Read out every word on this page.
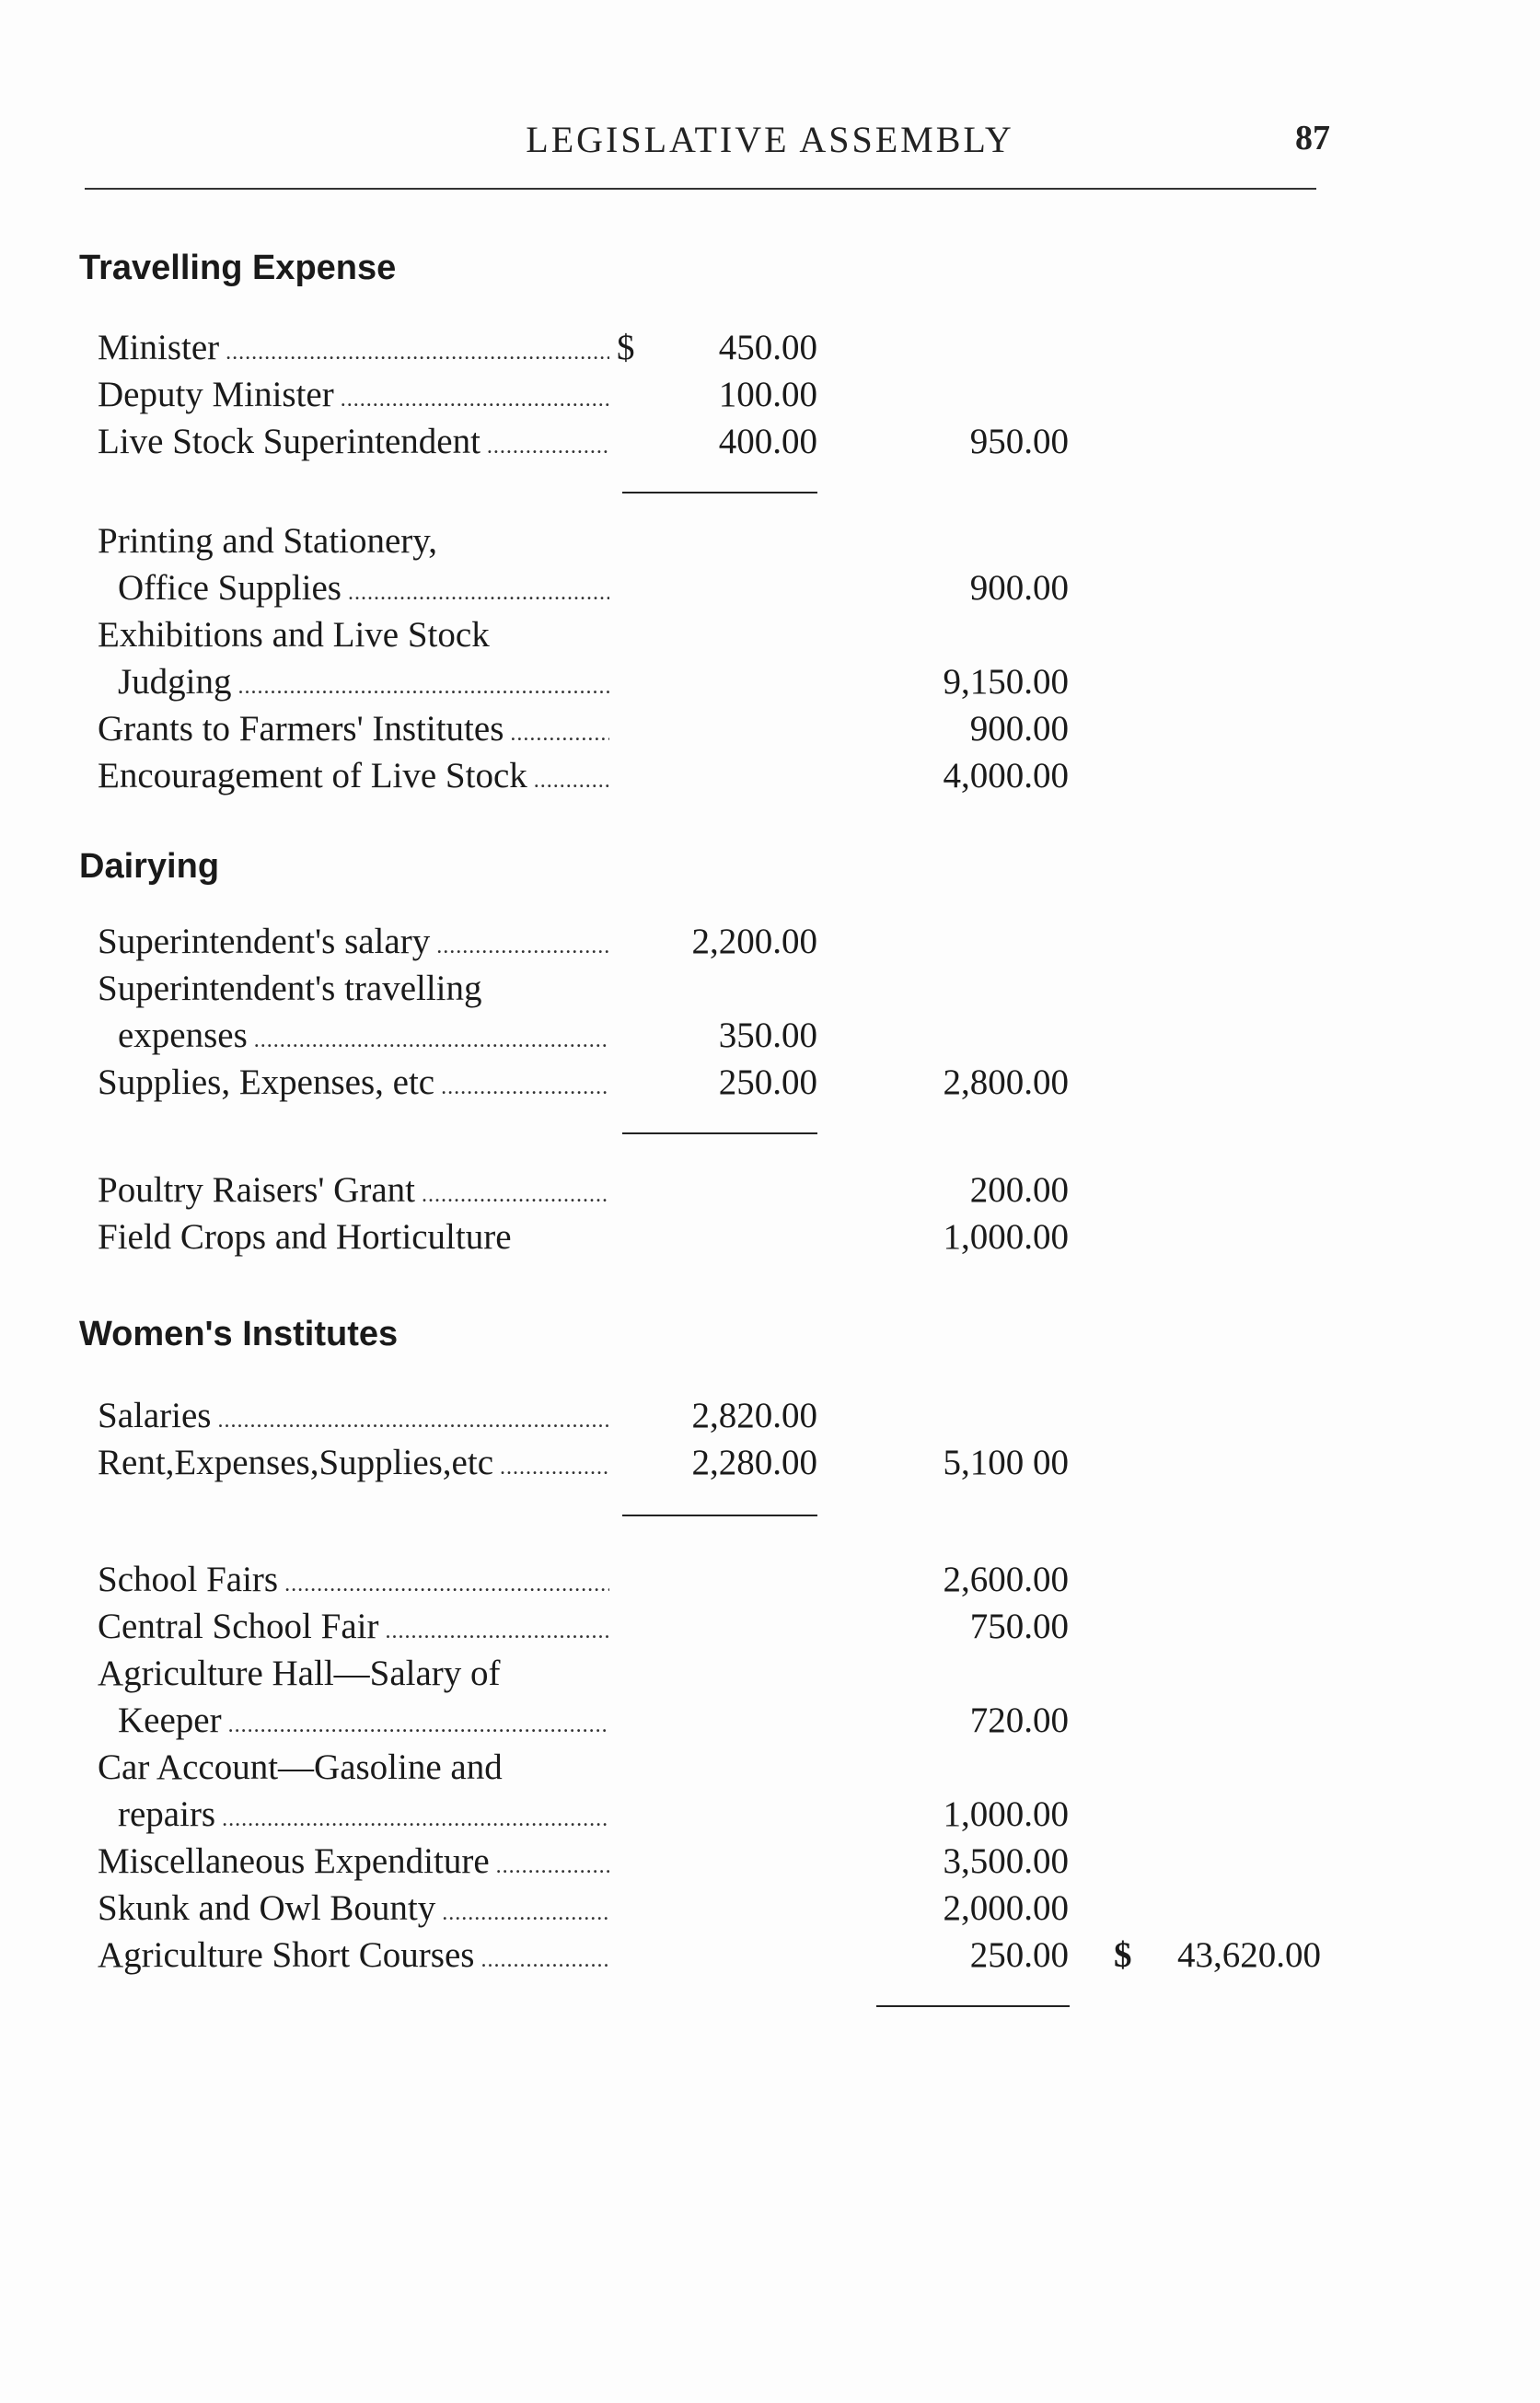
LEGISLATIVE ASSEMBLY	87
Travelling Expense
Minister .....	$ 450.00
Deputy Minister .....	100.00
Live Stock Superintendent .....	400.00	950.00
Printing and Stationery,
Office Supplies .....	900.00
Exhibitions and Live Stock
Judging .....	9,150.00
Grants to Farmers' Institutes .....	900.00
Encouragement of Live Stock .....	4,000.00
Dairying
Superintendent's salary .....	2,200.00
Superintendent's travelling
expenses .....	350.00
Supplies, Expenses, etc .....	250.00	2,800.00
Poultry Raisers' Grant .....	200.00
Field Crops and Horticulture	1,000.00
Women's Institutes
Salaries .....	2,820.00
Rent,Expenses,Supplies,etc .....	2,280.00	5,100 00
School Fairs .....	2,600.00
Central School Fair .....	750.00
Agriculture Hall—Salary of
Keeper .....	720.00
Car Account—Gasoline and
repairs .....	1,000.00
Miscellaneous Expenditure .....	3,500.00
Skunk and Owl Bounty .....	2,000.00
Agriculture Short Courses .....	250.00 $ 43,620.00
